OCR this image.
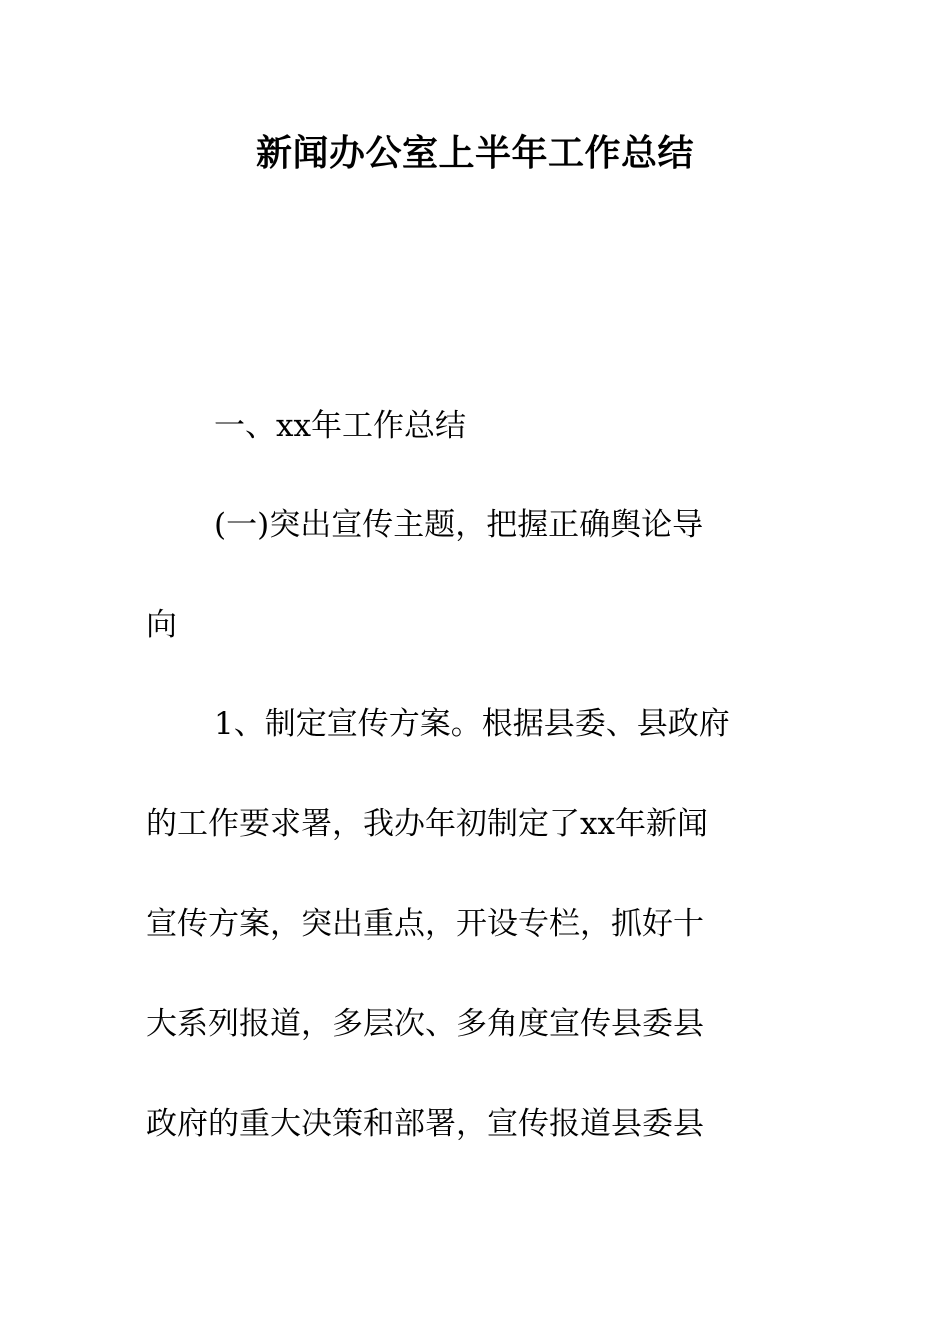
新闻办公室上半年工作总结

一、xx年工作总结

(一)突出宣传主题，把握正确舆论导

向

1、制定宣传方案。根据县委、县政府

的工作要求署，我办年初制定了xx年新闻

宣传方案，突出重点，开设专栏，抓好十

大系列报道，多层次、多角度宣传县委县

政府的重大决策和部署，宣传报道县委县
